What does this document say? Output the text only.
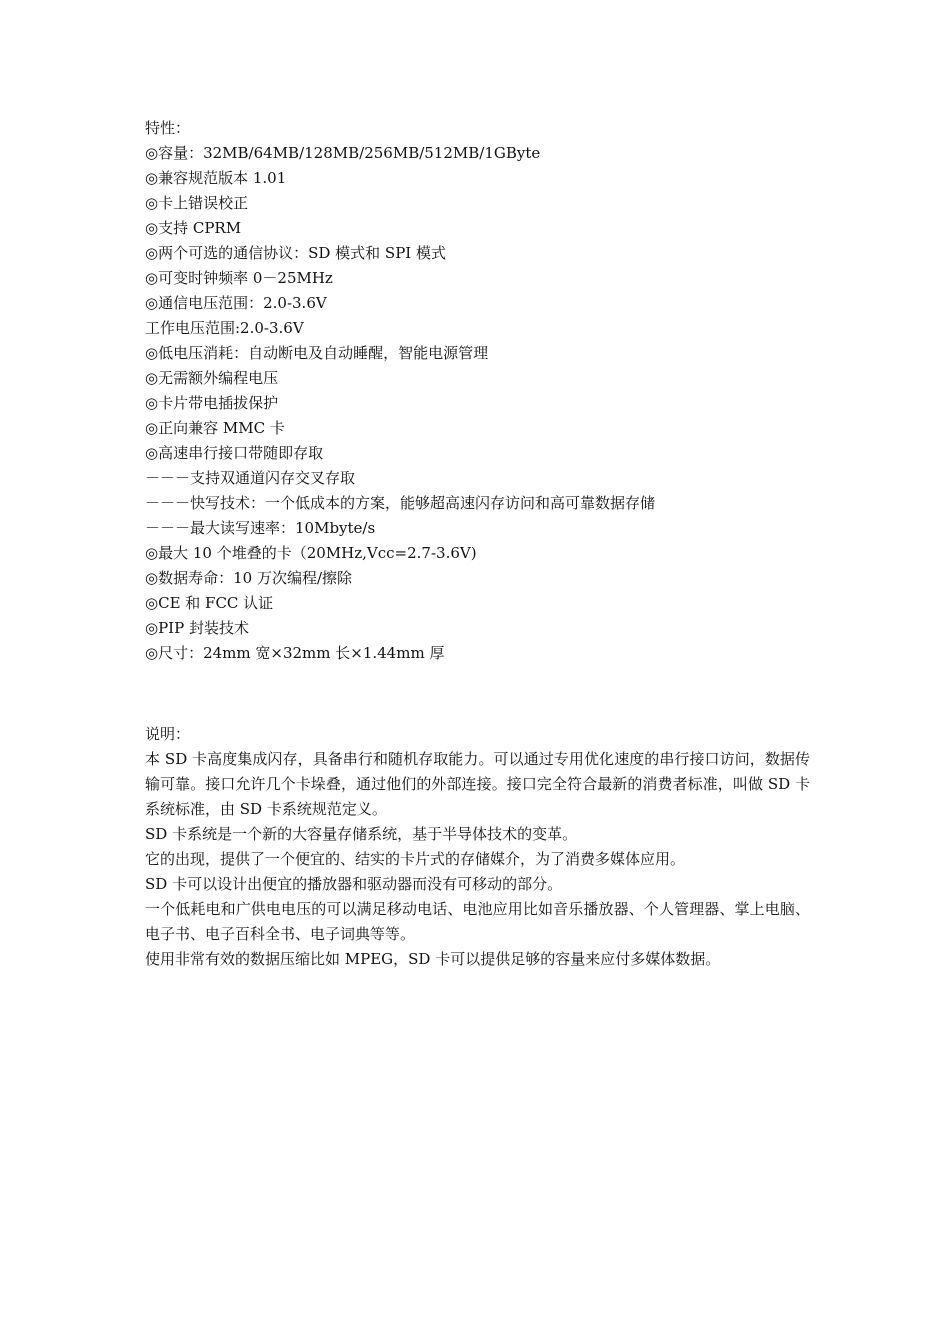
特性：
◎容量：32MB/64MB/128MB/256MB/512MB/1GByte
◎兼容规范版本 1.01
◎卡上错误校正
◎支持 CPRM
◎两个可选的通信协议：SD 模式和 SPI 模式
◎可变时钟频率 0－25MHz
◎通信电压范围：2.0-3.6V
工作电压范围:2.0-3.6V
◎低电压消耗：自动断电及自动睡醒，智能电源管理
◎无需额外编程电压
◎卡片带电插拔保护
◎正向兼容 MMC 卡
◎高速串行接口带随即存取
－－－支持双通道闪存交叉存取
－－－快写技术：一个低成本的方案，能够超高速闪存访问和高可靠数据存储
－－－最大读写速率：10Mbyte/s
◎最大 10 个堆叠的卡（20MHz,Vcc=2.7-3.6V)
◎数据寿命：10 万次编程/擦除
◎CE 和 FCC 认证
◎PIP 封装技术
◎尺寸：24mm 宽×32mm 长×1.44mm 厚
说明：

本 SD 卡高度集成闪存，具备串行和随机存取能力。可以通过专用优化速度的串行接口访问，数据传输可靠。接口允许几个卡垛叠，通过他们的外部连接。接口完全符合最新的消费者标准，叫做 SD 卡系统标准，由 SD 卡系统规范定义。

SD 卡系统是一个新的大容量存储系统，基于半导体技术的变革。

它的出现，提供了一个便宜的、结实的卡片式的存储媒介，为了消费多媒体应用。

SD 卡可以设计出便宜的播放器和驱动器而没有可移动的部分。

一个低耗电和广供电电压的可以满足移动电话、电池应用比如音乐播放器、个人管理器、掌上电脑、电子书、电子百科全书、电子词典等等。

使用非常有效的数据压缩比如 MPEG，SD 卡可以提供足够的容量来应付多媒体数据。
